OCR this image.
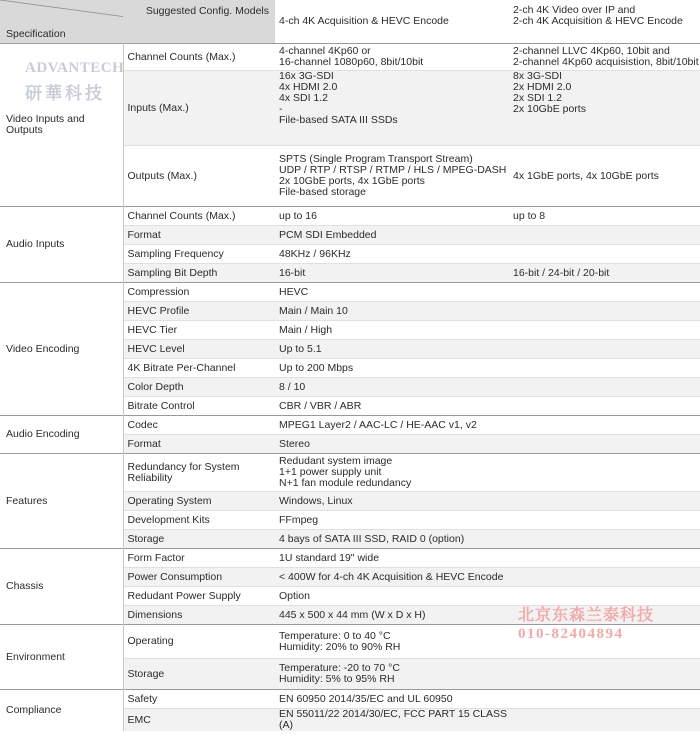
Specification	Suggested Config. Models	4-ch 4K Acquisition & HEVC Encode	2-ch 4K Video over IP and
2-ch 4K Acquisition & HEVC Encode
Video Inputs and Outputs	Channel Counts (Max.)	4-channel 4Kp60 or
16-channel 1080p60, 8bit/10bit	2-channel LLVC 4Kp60, 10bit and
2-channel 4Kp60 acquisistion, 8bit/10bit
	Inputs (Max.)	16x 3G-SDI
4x HDMI 2.0
4x SDI 1.2
-
File-based SATA III SSDs	8x 3G-SDI
2x HDMI 2.0
2x SDI 1.2
2x 10GbE ports

	Outputs (Max.)	SPTS (Single Program Transport Stream)
UDP / RTP / RTSP / RTMP / HLS / MPEG-DASH
2x 10GbE ports, 4x 1GbE ports
File-based storage	4x 1GbE ports, 4x 10GbE ports
Audio Inputs	Channel Counts (Max.)	up to 16	up to 8
	Format	PCM SDI Embedded	
	Sampling Frequency	48KHz / 96KHz	
	Sampling Bit Depth	16-bit	16-bit / 24-bit / 20-bit
Video Encoding	Compression	HEVC	
	HEVC Profile	Main / Main 10	
	HEVC Tier	Main / High	
	HEVC Level	Up to 5.1	
	4K Bitrate Per-Channel	Up to 200 Mbps	
	Color Depth	8 / 10	
	Bitrate Control	CBR / VBR / ABR	
Audio Encoding	Codec	MPEG1 Layer2 / AAC-LC / HE-AAC v1, v2	
	Format	Stereo	
Features	Redundancy for System
Reliability	Redudant system image
1+1 power supply unit
N+1 fan module redundancy	
	Operating System	Windows, Linux	
	Development Kits	FFmpeg	
	Storage	4 bays of SATA III SSD, RAID 0 (option)	
Chassis	Form Factor	1U standard 19" wide	
	Power Consumption	< 400W for 4-ch 4K Acquisition & HEVC Encode	
	Redudant Power Supply	Option	
	Dimensions	445 x 500 x 44 mm (W x D x H)	
Environment	Operating	Temperature: 0 to 40 °C
Humidity: 20% to 90% RH	
	Storage	Temperature: -20 to 70 °C
Humidity: 5% to 95% RH	
Compliance	Safety	EN 60950 2014/35/EC and UL 60950	
	EMC	EN 55011/22 2014/30/EC, FCC PART 15 CLASS (A)	
ADVANTECH
研華科技
北京东森兰泰科技
010-82404894
